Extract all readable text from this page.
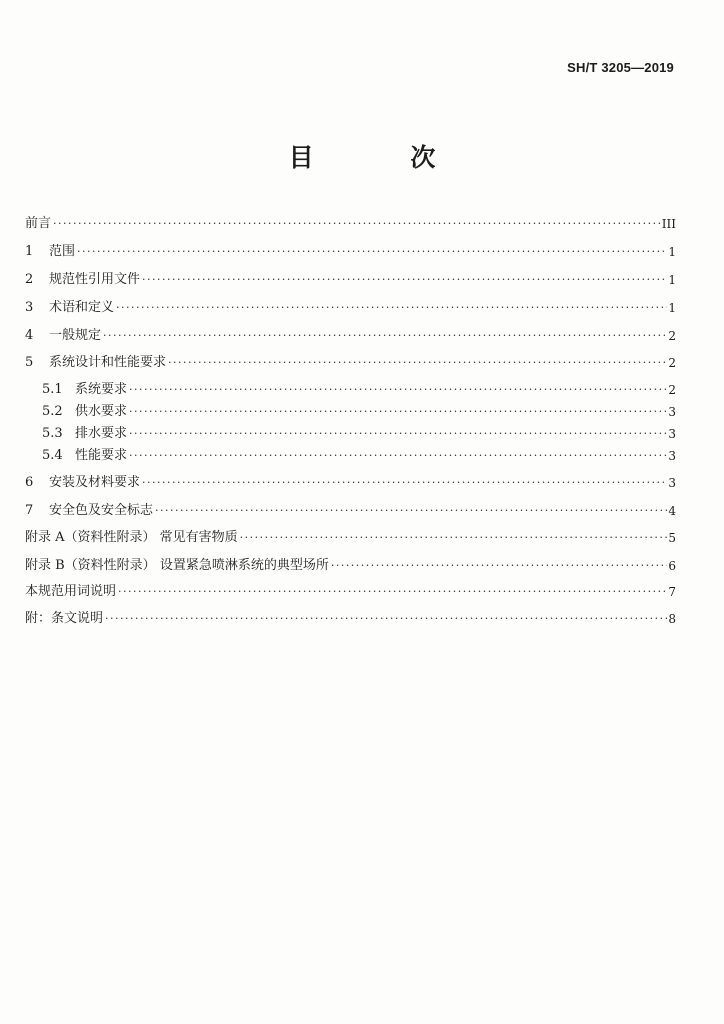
SH/T 3205—2019
目 次
前言 ·····	III
1	范围 ·····	1
2	规范性引用文件 ·····	1
3	术语和定义 ·····	1
4	一般规定 ·····	2
5	系统设计和性能要求 ·····	2
5.1 系统要求 ·····	2
5.2 供水要求 ·····	3
5.3 排水要求 ·····	3
5.4 性能要求 ·····	3
6	安装及材料要求 ·····	3
7	安全色及安全标志 ·····	4
附录 A（资料性附录） 常见有害物质 ·····	5
附录 B（资料性附录） 设置紧急喷淋系统的典型场所 ·····	6
本规范用词说明 ·····	7
附：条文说明 ·····	8
